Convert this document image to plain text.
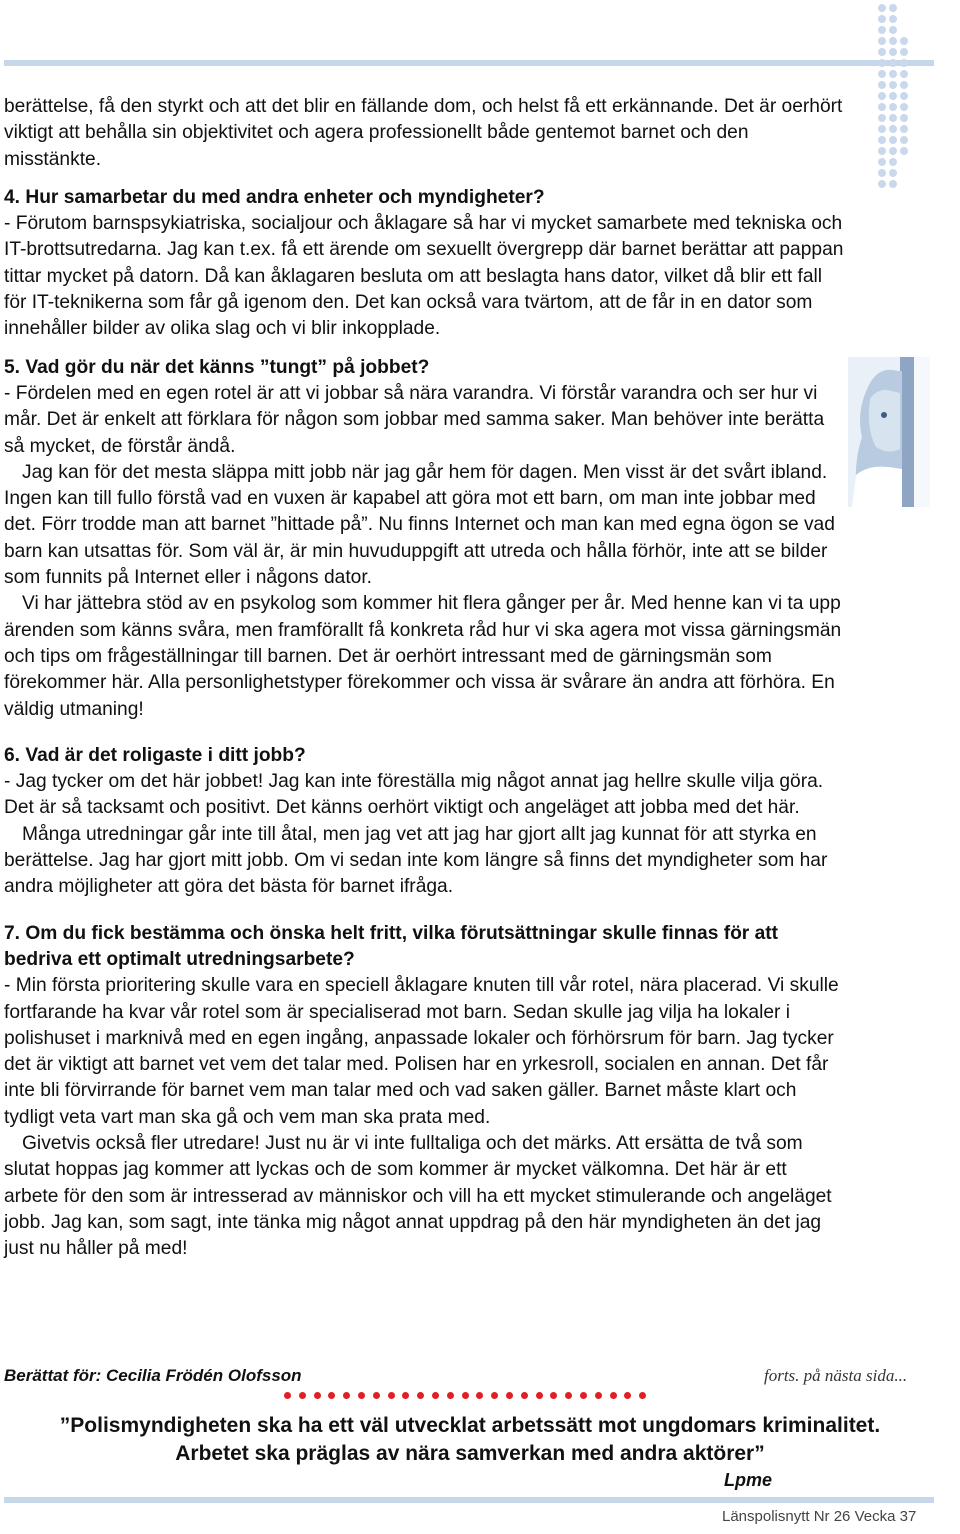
berättelse, få den styrkt och att det blir en fällande dom, och helst få ett erkännande. Det är oerhört viktigt att behålla sin objektivitet och agera professionellt både gentemot barnet och den misstänkte.

4. Hur samarbetar du med andra enheter och myndigheter?

- Förutom barnspsykiatriska, socialjour och åklagare så har vi mycket samarbete med tekniska och IT-brottsutredarna. Jag kan t.ex. få ett ärende om sexuellt övergrepp där barnet berättar att pappan tittar mycket på datorn. Då kan åklagaren besluta om att beslagta hans dator, vilket då blir ett fall för IT-teknikerna som får gå igenom den. Det kan också vara tvärtom, att de får in en dator som innehåller bilder av olika slag och vi blir inkopplade.

5. Vad gör du när det känns ”tungt” på jobbet?

- Fördelen med en egen rotel är att vi jobbar så nära varandra. Vi förstår varandra och ser hur vi mår. Det är enkelt att förklara för någon som jobbar med samma saker. Man behöver inte berätta så mycket, de förstår ändå.

Jag kan för det mesta släppa mitt jobb när jag går hem för dagen. Men visst är det svårt ibland. Ingen kan till fullo förstå vad en vuxen är kapabel att göra mot ett barn, om man inte jobbar med det. Förr trodde man att barnet ”hittade på”. Nu finns Internet och man kan med egna ögon se vad barn kan utsattas för. Som väl är, är min huvuduppgift att utreda och hålla förhör, inte att se bilder som funnits på Internet eller i någons dator.

Vi har jättebra stöd av en psykolog som kommer hit flera gånger per år. Med henne kan vi ta upp ärenden som känns svåra, men framförallt få konkreta råd hur vi ska agera mot vissa gärningsmän och tips om frågeställningar till barnen. Det är oerhört intressant med de gärningsmän som förekommer här. Alla personlighetstyper förekommer och vissa är svårare än andra att förhöra. En väldig utmaning!

6. Vad är det roligaste i ditt jobb?

- Jag tycker om det här jobbet! Jag kan inte föreställa mig något annat jag hellre skulle vilja göra. Det är så tacksamt och positivt. Det känns oerhört viktigt och angeläget att jobba med det här.

Många utredningar går inte till åtal, men jag vet att jag har gjort allt jag kunnat för att styrka en berättelse. Jag har gjort mitt jobb. Om vi sedan inte kom längre så finns det myndigheter som har andra möjligheter att göra det bästa för barnet ifråga.

7. Om du fick bestämma och önska helt fritt, vilka förutsättningar skulle finnas för att bedriva ett optimalt utredningsarbete?

- Min första prioritering skulle vara en speciell åklagare knuten till vår rotel, nära placerad. Vi skulle fortfarande ha kvar vår rotel som är specialiserad mot barn. Sedan skulle jag vilja ha lokaler i polishuset i marknivå med en egen ingång, anpassade lokaler och förhörsrum för barn. Jag tycker det är viktigt att barnet vet vem det talar med. Polisen har en yrkesroll, socialen en annan. Det får inte bli förvirrande för barnet vem man talar med och vad saken gäller. Barnet måste klart och tydligt veta vart man ska gå och vem man ska prata med.

Givetvis också fler utredare! Just nu är vi inte fulltaliga och det märks. Att ersätta de två som slutat hoppas jag kommer att lyckas och de som kommer är mycket välkomna. Det här är ett arbete för den som är intresserad av människor och vill ha ett mycket stimulerande och angeläget jobb. Jag kan, som sagt, inte tänka mig något annat uppdrag på den här myndigheten än det jag just nu håller på med!

Berättat för: Cecilia Frödén Olofsson	forts. på nästa sida...
”Polismyndigheten ska ha ett väl utvecklat arbetssätt mot ungdomars kriminalitet.
Arbetet ska präglas av nära samverkan med andra aktörer”
Lpme
Länspolisnytt Nr 26 Vecka 37
